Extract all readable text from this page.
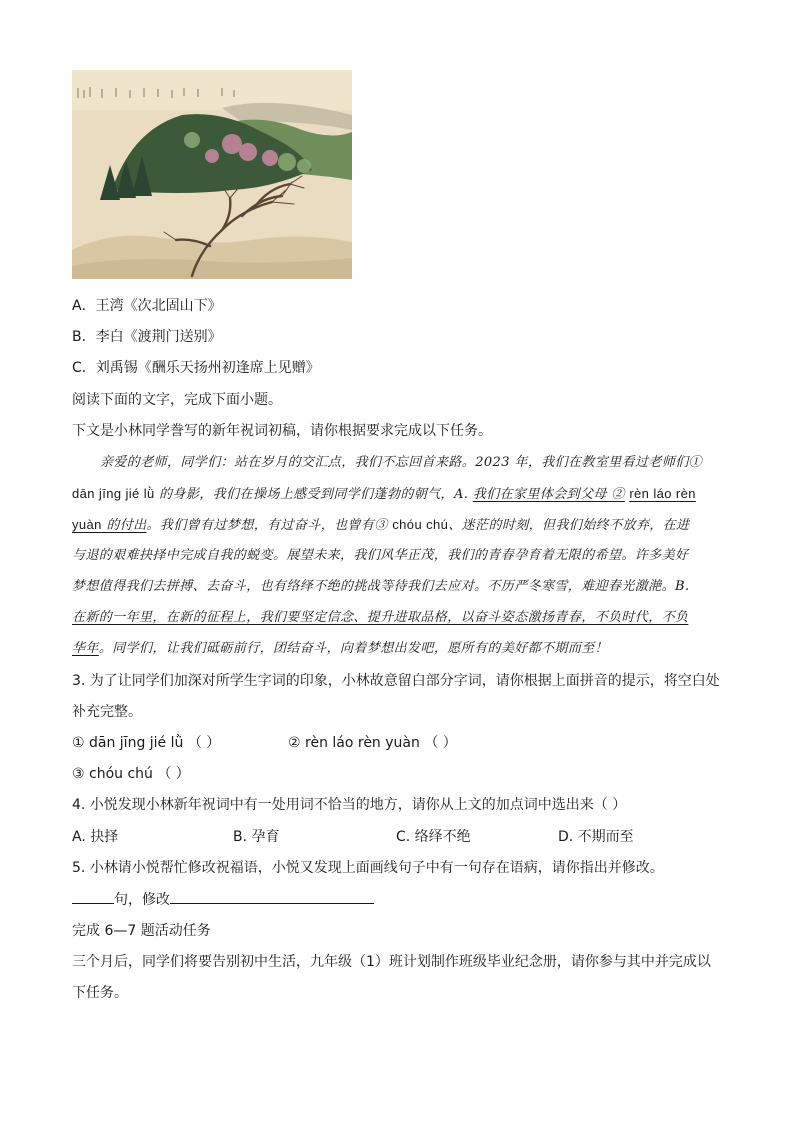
A．王湾《次北固山下》
B．李白《渡荆门送别》
C．刘禹锡《酬乐天扬州初逢席上见赠》
阅读下面的文字，完成下面小题。
下文是小林同学誊写的新年祝词初稿，请你根据要求完成以下任务。
亲爱的老师，同学们：站在岁月的交汇点，我们不忘回首来路。2023 年，我们在教室里看过老师们①
dān jīng jié lǜ 的身影，我们在操场上感受到同学们蓬勃的朝气，A. 我们在家里体会到父母 ② rèn láo rèn
yuàn 的付出。我们曾有过梦想，有过奋斗，也曾有③ chóu chú、迷茫的时刻，但我们始终不放弃，在进
与退的艰难抉择中完成自我的蜕变。展望未来，我们风华正茂，我们的青春孕育着无限的希望。许多美好
梦想值得我们去拼搏、去奋斗，也有络绎不绝的挑战等待我们去应对。不历严冬寒雪，难迎春光激滟。B.
在新的一年里，在新的征程上，我们要坚定信念、提升进取品格，以奋斗姿态激扬青春，不负时代，不负
华年。同学们，让我们砥砺前行，团结奋斗，向着梦想出发吧，愿所有的美好都不期而至！
3. 为了让同学们加深对所学生字词的印象，小林故意留白部分字词，请你根据上面拼音的提示，将空白处
补充完整。
① dān jīng jié lǜ （ ）	② rèn láo rèn yuàn （ ）
③ chóu chú （ ）
4. 小悦发现小林新年祝词中有一处用词不恰当的地方，请你从上文的加点词中选出来（ ）
A. 抉择	B. 孕育	C. 络绎不绝	D. 不期而至
5. 小林请小悦帮忙修改祝福语，小悦又发现上面画线句子中有一句存在语病，请你指出并修改。
句，修改
完成 6—7 题活动任务
三个月后，同学们将要告别初中生活，九年级（1）班计划制作班级毕业纪念册，请你参与其中并完成以
下任务。
